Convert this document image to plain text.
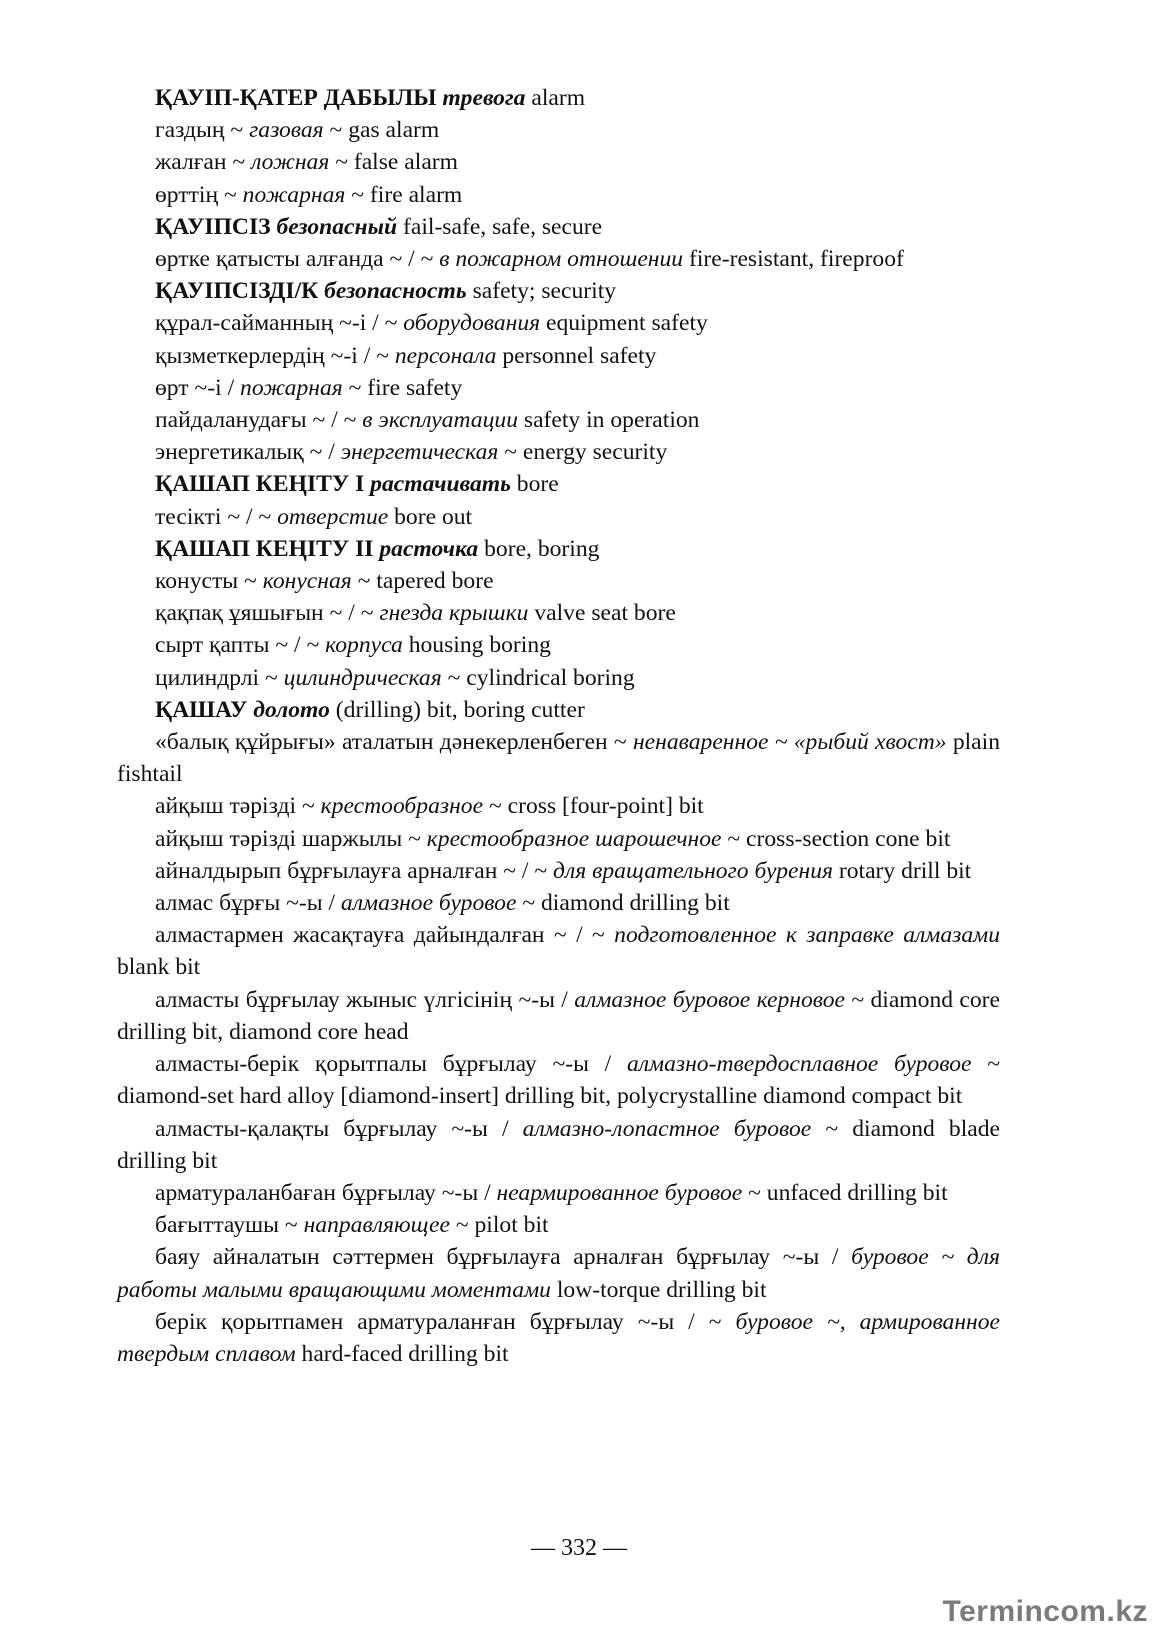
ҚАУІП-ҚАТЕР ДАБЫЛЫ тревога alarm

газдың ~ газовая ~ gas alarm

жалған ~ ложная ~ false alarm

өрттің ~ пожарная ~ fire alarm

ҚАУІПСІЗ безопасный fail-safe, safe, secure

өртке қатысты алғанда ~ / ~ в пожарном отношении fire-resistant, fireproof

ҚАУІПСІЗДІ/К безопасность safety; security

құрал-сайманның ~-і / ~ оборудования equipment safety

қызметкерлердің ~-і / ~ персонала personnel safety

өрт ~-і / пожарная ~ fire safety

пайдаланудағы ~ / ~ в эксплуатации safety in operation

энергетикалық ~ / энергетическая ~ energy security

ҚАШАП КЕҢІТУ I растачивать bore

тесікті ~ / ~ отверстие bore out

ҚАШАП КЕҢІТУ II расточка bore, boring

конусты ~ конусная ~ tapered bore

қақпақ ұяшығын ~ / ~ гнезда крышки valve seat bore

сырт қапты ~ / ~ корпуса housing boring

цилиндрлі ~ цилиндрическая ~ cylindrical boring

ҚАШАУ долото (drilling) bit, boring cutter

«балық құйрығы» аталатын дәнекерленбеген ~ ненаваренное ~ «рыбий хвост» plain fishtail

айқыш тәрізді ~ крестообразное ~ cross [four-point] bit

айқыш тәрізді шаржылы ~ крестообразное шарошечное ~ cross-section cone bit

айналдырып бұрғылауға арналған ~ / ~ для вращательного бурения rotary drill bit

алмас бұрғы ~-ы / алмазное буровое ~ diamond drilling bit

алмастармен жасақтауға дайындалған ~ / ~ подготовленное к заправке алмазами blank bit

алмасты бұрғылау жыныс үлгісінің ~-ы / алмазное буровое керновое ~ diamond core drilling bit, diamond core head

алмасты-берік қорытпалы бұрғылау ~-ы / алмазно-твердосплавное буровое ~ diamond-set hard alloy [diamond-insert] drilling bit, polycrystalline diamond compact bit

алмасты-қалақты бұрғылау ~-ы / алмазно-лопастное буровое ~ diamond blade drilling bit

арматураланбаған бұрғылау ~-ы / неармированное буровое ~ unfaced drilling bit

бағыттаушы ~ направляющее ~ pilot bit

баяу айналатын сәттермен бұрғылауға арналған бұрғылау ~-ы / буровое ~ для работы малыми вращающими моментами low-torque drilling bit

берік қорытпамен арматураланған бұрғылау ~-ы / ~ буровое ~, армированное твердым сплавом hard-faced drilling bit

— 332 —
Termincom.kz
